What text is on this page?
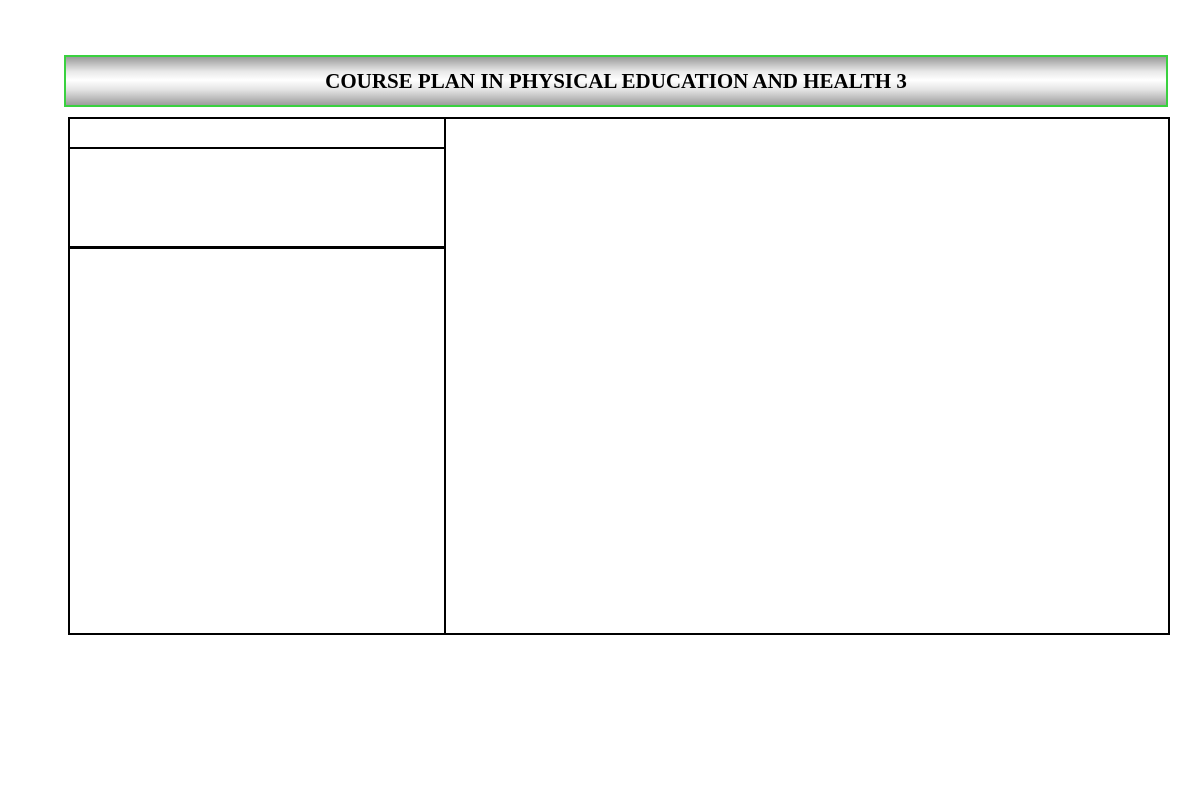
COURSE PLAN IN PHYSICAL EDUCATION AND HEALTH 3
